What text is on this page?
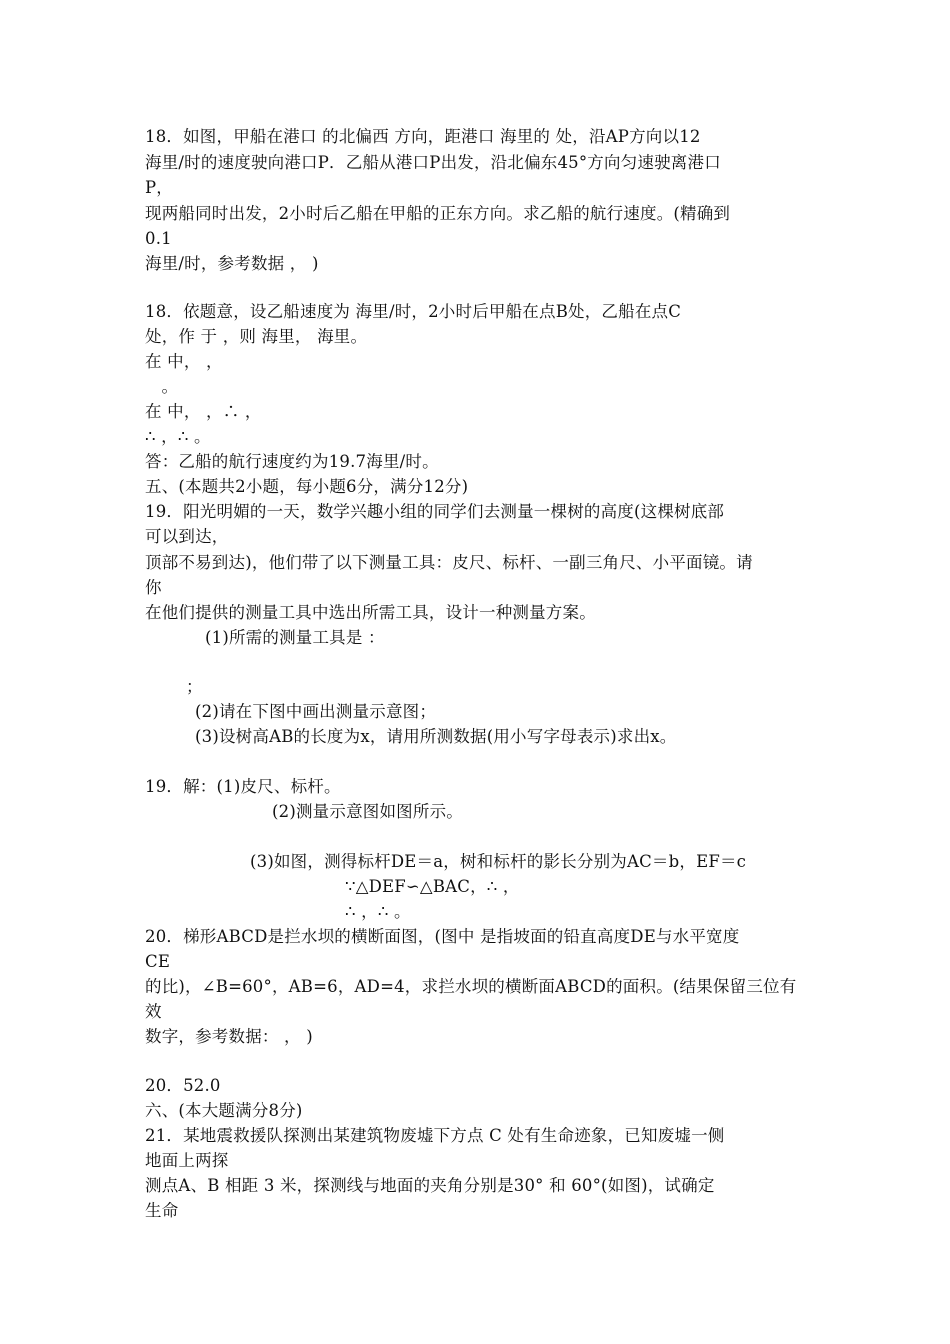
18．如图，甲船在港口 的北偏西 方向，距港口 海里的 处，沿AP方向以12
海里/时的速度驶向港口P．乙船从港口P出发，沿北偏东45°方向匀速驶离港口
P，
现两船同时出发，2小时后乙船在甲船的正东方向。求乙船的航行速度。(精确到
0.1
海里/时，参考数据 ， )
18．依题意，设乙船速度为 海里/时，2小时后甲船在点B处，乙船在点C
处，作 于 ，则 海里， 海里。
在 中， ，
。
在 中， ，∴ ，
∴ ，∴ 。
答：乙船的航行速度约为19.7海里/时。
五、(本题共2小题，每小题6分，满分12分)
19．阳光明媚的一天，数学兴趣小组的同学们去测量一棵树的高度(这棵树底部
可以到达，
顶部不易到达)，他们带了以下测量工具：皮尺、标杆、一副三角尺、小平面镜。请
你
在他们提供的测量工具中选出所需工具，设计一种测量方案。
(1)所需的测量工具是 ：
；
(2)请在下图中画出测量示意图；
(3)设树高AB的长度为x，请用所测数据(用小写字母表示)求出x。
19．解：(1)皮尺、标杆。
(2)测量示意图如图所示。
(3)如图，测得标杆DE＝a，树和标杆的影长分别为AC＝b，EF＝c
∵△DEF∽△BAC，∴ ，
∴ ，∴ 。
20．梯形ABCD是拦水坝的横断面图，(图中 是指坡面的铅直高度DE与水平宽度
CE
的比)，∠B=60°，AB=6，AD=4，求拦水坝的横断面ABCD的面积。(结果保留三位有
效
数字，参考数据： ， )
20．52.0
六、(本大题满分8分)
21．某地震救援队探测出某建筑物废墟下方点 C 处有生命迹象，已知废墟一侧
地面上两探
测点A、B 相距 3 米，探测线与地面的夹角分别是30° 和 60°(如图)，试确定
生命
